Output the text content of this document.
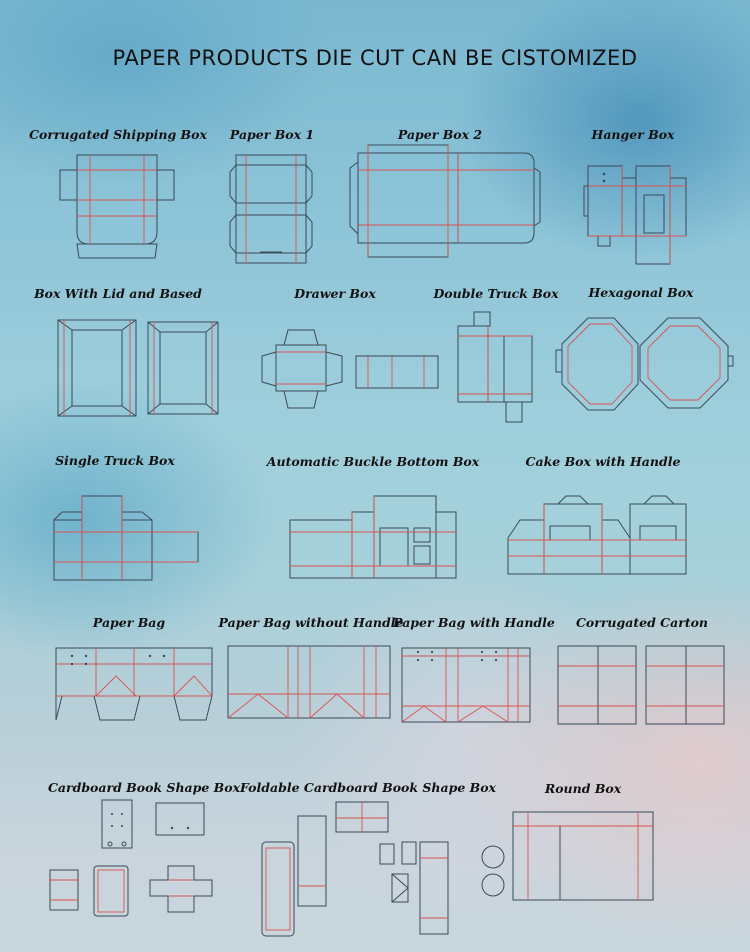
PAPER PRODUCTS DIE CUT CAN BE CISTOMIZED
Corrugated Shipping Box Paper Box 1	Paper Box 2	Hanger Box
Box With Lid and Based	Drawer Box	Double Truck Box Hexagonal Box
Single Truck Box	Automatic Buckle Bottom Box	Cake Box with Handle
Paper Bag	Paper Bag without Handle
Paper Bag with Handle Corrugated Carton
Cardboard Book Shape Box Foldable Cardboard Book Shape Box	Round Box
